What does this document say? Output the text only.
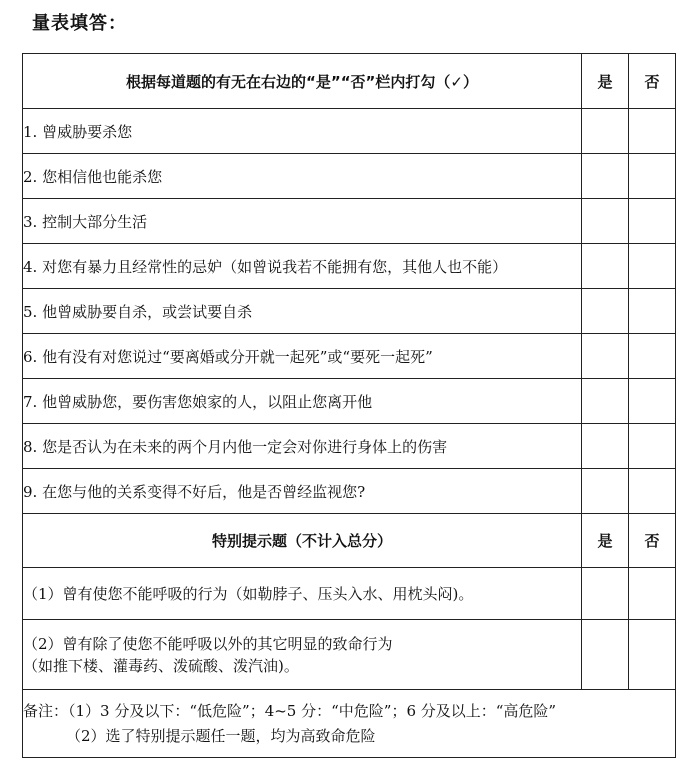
量表填答：
根据每道题的有无在右边的“是”“否”栏内打勾（✓）	是	否
1. 曾威胁要杀您		
2. 您相信他也能杀您		
3. 控制大部分生活		
4. 对您有暴力且经常性的忌妒（如曾说我若不能拥有您，其他人也不能）		
5. 他曾威胁要自杀，或尝试要自杀		
6. 他有没有对您说过“要离婚或分开就一起死”或“要死一起死”		
7. 他曾威胁您，要伤害您娘家的人，以阻止您离开他		
8. 您是否认为在未来的两个月内他一定会对你进行身体上的伤害		
9. 在您与他的关系变得不好后，他是否曾经监视您?		
特别提示题（不计入总分）	是	否
（1）曾有使您不能呼吸的行为（如勒脖子、压头入水、用枕头闷)。		

（2）曾有除了使您不能呼吸以外的其它明显的致命行为
（如推下楼、灌毒药、泼硫酸、泼汽油)。		

备注：（1）3 分及以下：“低危险”；4~5 分：“中危险”；6 分及以上：“高危险”
（2）选了特别提示题任一题，均为高致命危险		
